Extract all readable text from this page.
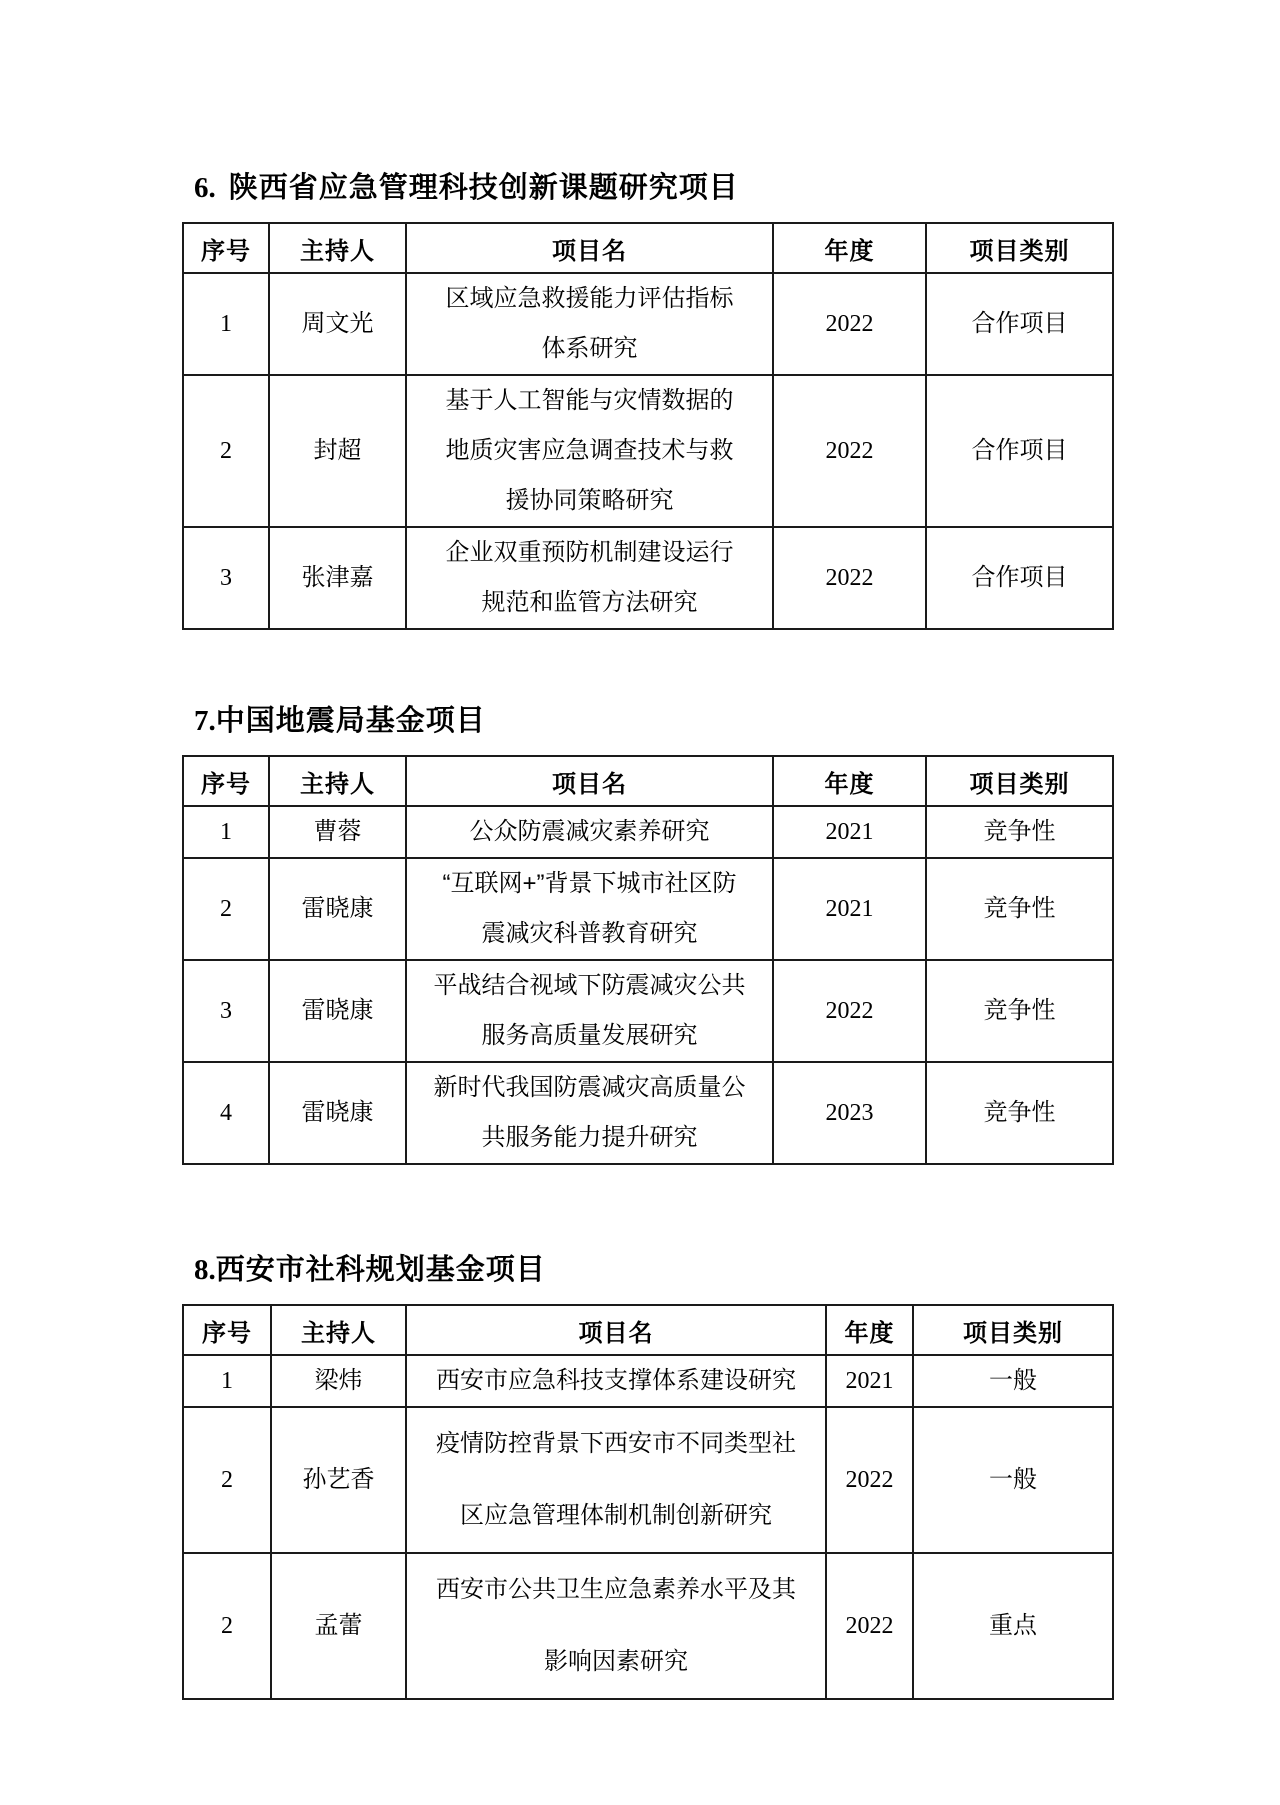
6. 陕西省应急管理科技创新课题研究项目
序号	主持人	项目名	年度	项目类别

1	周文光	区域应急救援能力评估指标
体系研究	2022	合作项目

2	封超	基于人工智能与灾情数据的
地质灾害应急调查技术与救
援协同策略研究	2022	合作项目

3	张津嘉	企业双重预防机制建设运行
规范和监管方法研究	2022	合作项目
7.中国地震局基金项目
序号	主持人	项目名	年度	项目类别

1	曹蓉	公众防震减灾素养研究	2021	竞争性

2	雷晓康	“互联网+”背景下城市社区防
震减灾科普教育研究	2021	竞争性

3	雷晓康	平战结合视域下防震减灾公共
服务高质量发展研究	2022	竞争性

4	雷晓康	新时代我国防震减灾高质量公
共服务能力提升研究	2023	竞争性
8.西安市社科规划基金项目
序号	主持人	项目名	年度	项目类别

1	梁炜	西安市应急科技支撑体系建设研究	2021	一般

2	孙艺香	疫情防控背景下西安市不同类型社
区应急管理体制机制创新研究	2022	一般

2	孟蕾	西安市公共卫生应急素养水平及其
影响因素研究	2022	重点
